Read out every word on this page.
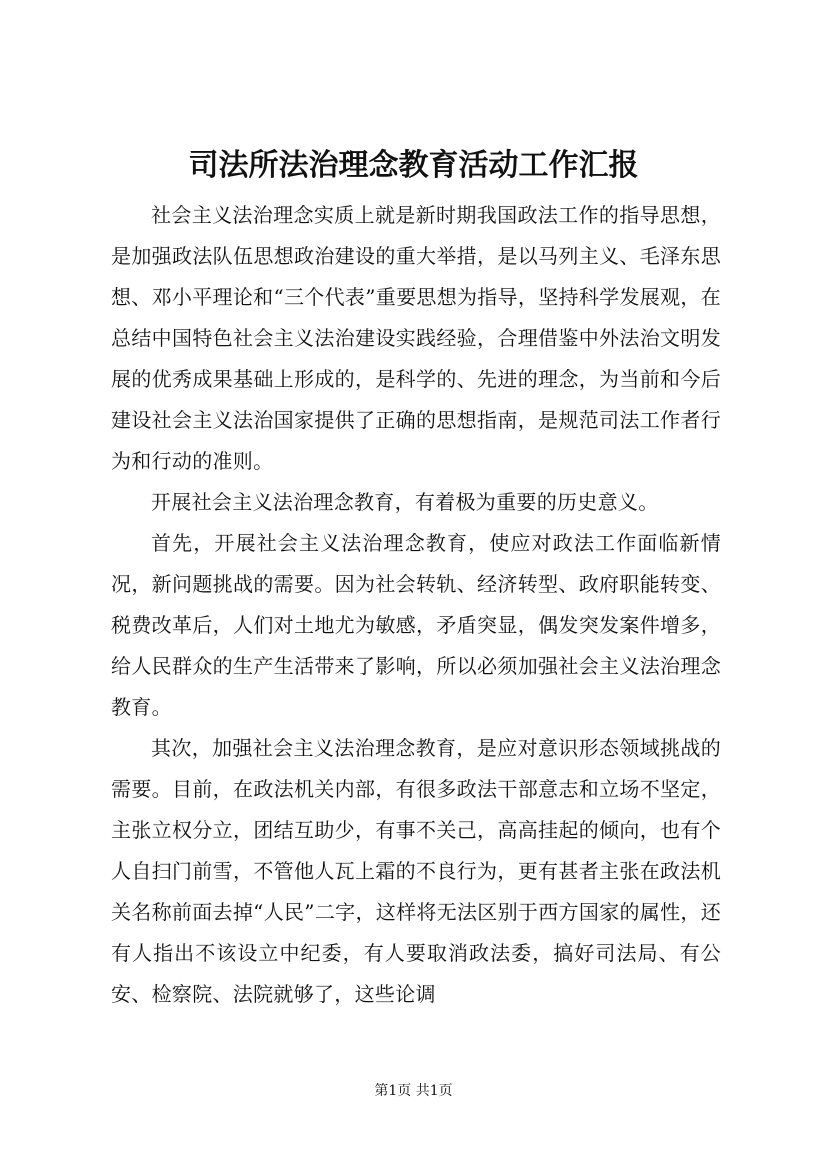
司法所法治理念教育活动工作汇报

社会主义法治理念实质上就是新时期我国政法工作的指导思想，是加强政法队伍思想政治建设的重大举措，是以马列主义、毛泽东思想、邓小平理论和“三个代表”重要思想为指导，坚持科学发展观，在总结中国特色社会主义法治建设实践经验，合理借鉴中外法治文明发展的优秀成果基础上形成的，是科学的、先进的理念，为当前和今后建设社会主义法治国家提供了正确的思想指南，是规范司法工作者行为和行动的准则。

开展社会主义法治理念教育，有着极为重要的历史意义。

首先，开展社会主义法治理念教育，使应对政法工作面临新情况，新问题挑战的需要。因为社会转轨、经济转型、政府职能转变、税费改革后，人们对土地尤为敏感，矛盾突显，偶发突发案件增多，给人民群众的生产生活带来了影响，所以必须加强社会主义法治理念教育。

其次，加强社会主义法治理念教育，是应对意识形态领域挑战的需要。目前，在政法机关内部，有很多政法干部意志和立场不坚定，主张立权分立，团结互助少，有事不关己，高高挂起的倾向，也有个人自扫门前雪，不管他人瓦上霜的不良行为，更有甚者主张在政法机关名称前面去掉“人民”二字，这样将无法区别于西方国家的属性，还有人指出不该设立中纪委，有人要取消政法委，搞好司法局、有公安、检察院、法院就够了，这些论调

第1页 共1页
